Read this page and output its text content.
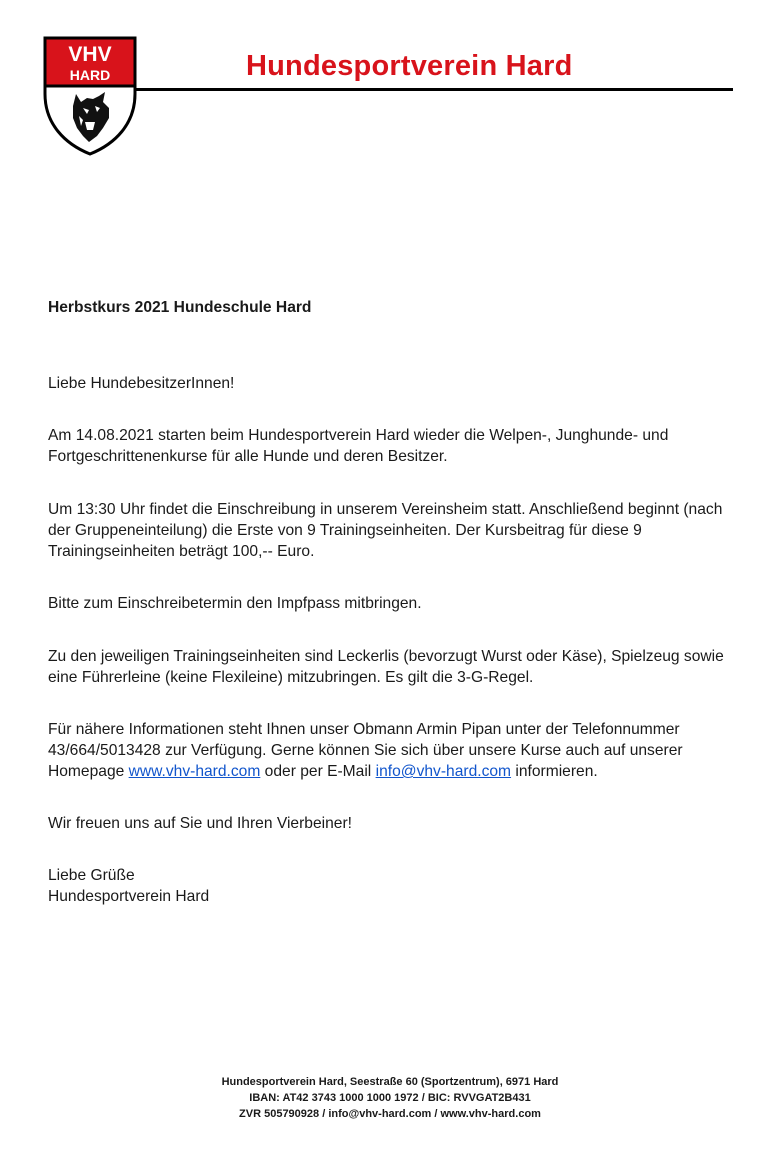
VHV
HARD	Hundesportverein Hard

Herbstkurs 2021 Hundeschule Hard

Liebe HundebesitzerInnen!

Am 14.08.2021 starten beim Hundesportverein Hard wieder die Welpen-, Junghunde- und Fortgeschrittenenkurse für alle Hunde und deren Besitzer.

Um 13:30 Uhr findet die Einschreibung in unserem Vereinsheim statt. Anschließend beginnt (nach der Gruppeneinteilung) die Erste von 9 Trainingseinheiten. Der Kursbeitrag für diese 9 Trainingseinheiten beträgt 100,-- Euro.

Bitte zum Einschreibetermin den Impfpass mitbringen.

Zu den jeweiligen Trainingseinheiten sind Leckerlis (bevorzugt Wurst oder Käse), Spielzeug sowie eine Führerleine (keine Flexileine) mitzubringen. Es gilt die 3-G-Regel.

Für nähere Informationen steht Ihnen unser Obmann Armin Pipan unter der Telefonnummer 43/664/5013428 zur Verfügung. Gerne können Sie sich über unsere Kurse auch auf unserer Homepage www.vhv-hard.com oder per E-Mail info@vhv-hard.com informieren.

Wir freuen uns auf Sie und Ihren Vierbeiner!

Liebe Grüße

Hundesportverein Hard

Hundesportverein Hard, Seestraße 60 (Sportzentrum), 6971 Hard
IBAN: AT42 3743 1000 1000 1972 / BIC: RVVGAT2B431
ZVR 505790928 / info@vhv-hard.com / www.vhv-hard.com
